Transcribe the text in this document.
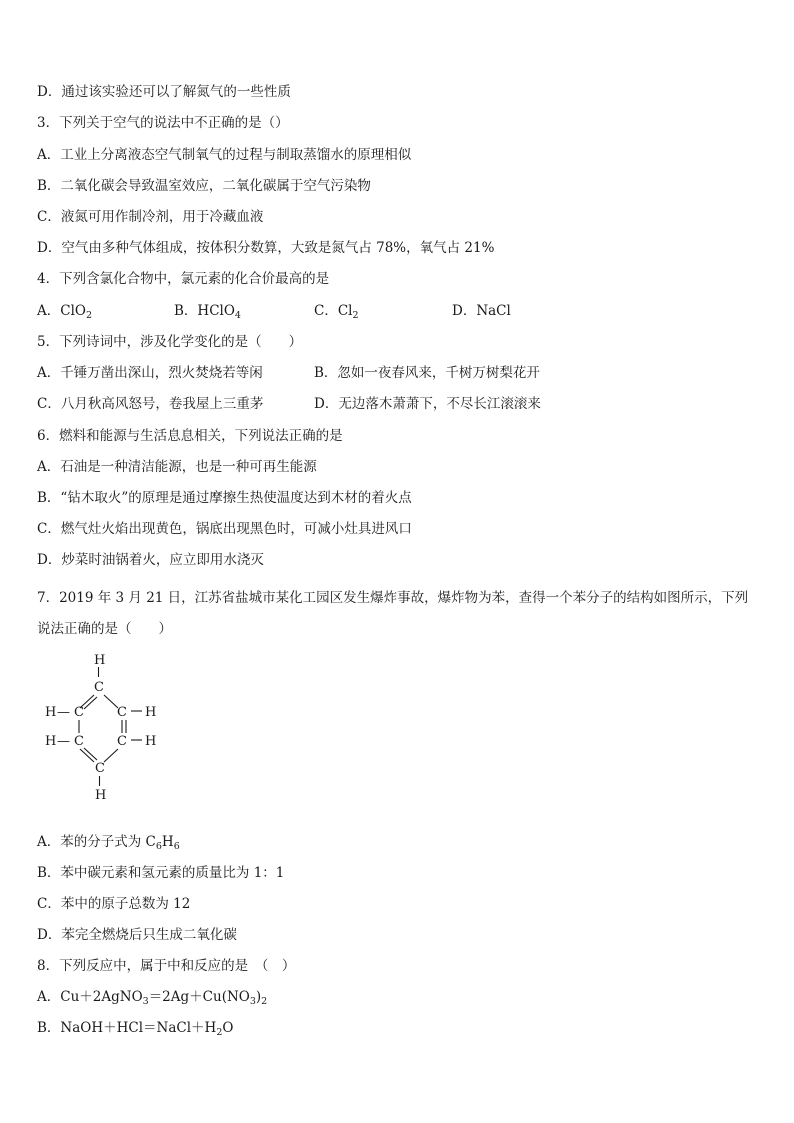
D．通过该实验还可以了解氮气的一些性质
3．下列关于空气的说法中不正确的是（）
A．工业上分离液态空气制氧气的过程与制取蒸馏水的原理相似
B．二氧化碳会导致温室效应，二氧化碳属于空气污染物
C．液氮可用作制冷剂，用于冷藏血液
D．空气由多种气体组成，按体积分数算，大致是氮气占 78%，氧气占 21%
4．下列含氯化合物中，氯元素的化合价最高的是
A．ClO$_2$	B．HClO$_4$	C．$Cl_2$	D．NaCl
5．下列诗词中，涉及化学变化的是（　　）
A．千锤万凿出深山，烈火焚烧若等闲	B．忽如一夜春风来，千树万树梨花开
C．八月秋高风怒号，卷我屋上三重茅	D．无边落木萧萧下，不尽长江滚滚来
6．燃料和能源与生活息息相关，下列说法正确的是
A．石油是一种清洁能源，也是一种可再生能源
B．“钻木取火”的原理是通过摩擦生热使温度达到木材的着火点
C．燃气灶火焰出现黄色，锅底出现黑色时，可减小灶具进风口
D．炒菜时油锅着火，应立即用水浇灭
7．2019 年 3 月 21 日，江苏省盐城市某化工园区发生爆炸事故，爆炸物为苯，查得一个苯分子的结构如图所示，下列说法正确的是（　　）
H
C
H — C	C H
H — C	C H
C
H
A．苯的分子式为 $C_6H_6$
B．苯中碳元素和氢元素的质量比为 1：1
C．苯中的原子总数为 12
D．苯完全燃烧后只生成二氧化碳
8．下列反应中，属于中和反应的是　（　）
A．$Cu+2AgNO_3=2Ag+Cu(NO_3)_2$
B．$NaOH+HCl=NaCl+H_2O$
